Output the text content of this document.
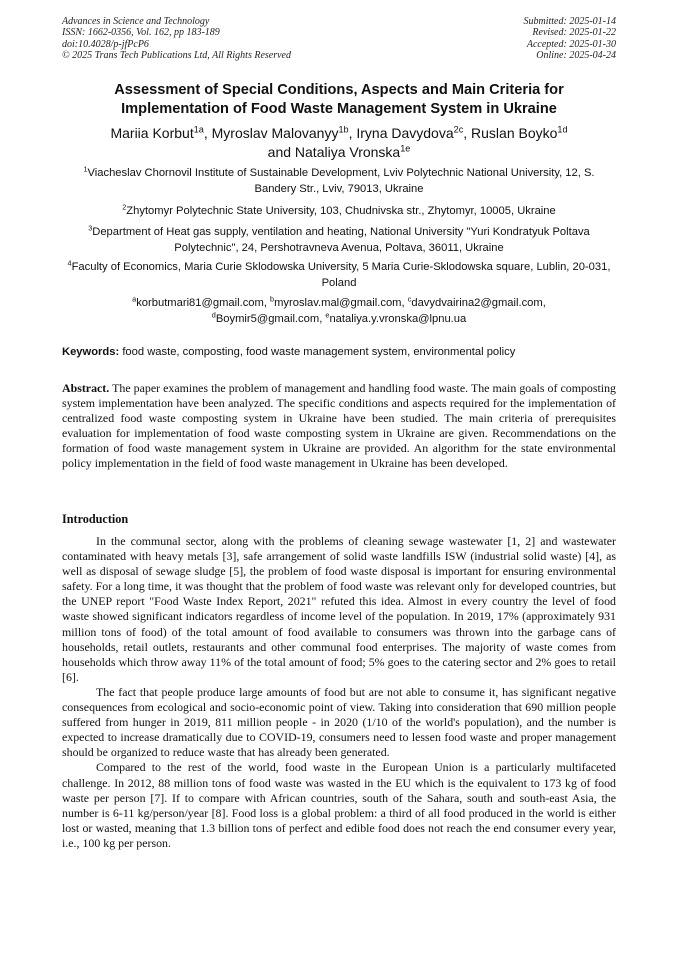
Advances in Science and Technology
ISSN: 1662-0356, Vol. 162, pp 183-189
doi:10.4028/p-jfPcP6
© 2025 Trans Tech Publications Ltd, All Rights Reserved
Submitted: 2025-01-14
Revised: 2025-01-22
Accepted: 2025-01-30
Online: 2025-04-24
Assessment of Special Conditions, Aspects and Main Criteria for Implementation of Food Waste Management System in Ukraine
Mariia Korbut$^{1a}$, Myroslav Malovanyy$^{1b}$, Iryna Davydova$^{2c}$, Ruslan Boyko$^{1d}$
and Nataliya Vronska$^{1e}$
$^1$Viacheslav Chornovil Institute of Sustainable Development, Lviv Polytechnic National University, 12, S. Bandery Str., Lviv, 79013, Ukraine
$^2$Zhytomyr Polytechnic State University, 103, Chudnivska str., Zhytomyr, 10005, Ukraine
$^3$Department of Heat gas supply, ventilation and heating, National University "Yuri Kondratyuk Poltava Polytechnic", 24, Pershotravneva Avenua, Poltava, 36011, Ukraine
$^4$Faculty of Economics, Maria Curie Sklodowska University, 5 Maria Curie-Sklodowska square, Lublin, 20-031, Poland
$^a$korbutmari81@gmail.com, $^b$myroslav.mal@gmail.com, $^c$davydvairina2@gmail.com,
$^d$Boymir5@gmail.com, $^e$nataliya.y.vronska@lpnu.ua
Keywords: food waste, composting, food waste management system, environmental policy
Abstract. The paper examines the problem of management and handling food waste. The main goals of composting system implementation have been analyzed. The specific conditions and aspects required for the implementation of centralized food waste composting system in Ukraine have been studied. The main criteria of prerequisites evaluation for implementation of food waste composting system in Ukraine are given. Recommendations on the formation of food waste management system in Ukraine are provided. An algorithm for the state environmental policy implementation in the field of food waste management in Ukraine has been developed.
Introduction

In the communal sector, along with the problems of cleaning sewage wastewater [1, 2] and wastewater contaminated with heavy metals [3], safe arrangement of solid waste landfills ISW (industrial solid waste) [4], as well as disposal of sewage sludge [5], the problem of food waste disposal is important for ensuring environmental safety. For a long time, it was thought that the problem of food waste was relevant only for developed countries, but the UNEP report "Food Waste Index Report, 2021" refuted this idea. Almost in every country the level of food waste showed significant indicators regardless of income level of the population. In 2019, 17% (approximately 931 million tons of food) of the total amount of food available to consumers was thrown into the garbage cans of households, retail outlets, restaurants and other communal food enterprises. The majority of waste comes from households which throw away 11% of the total amount of food; 5% goes to the catering sector and 2% goes to retail [6].

The fact that people produce large amounts of food but are not able to consume it, has significant negative consequences from ecological and socio-economic point of view. Taking into consideration that 690 million people suffered from hunger in 2019, 811 million people - in 2020 (1/10 of the world's population), and the number is expected to increase dramatically due to COVID-19, consumers need to lessen food waste and proper management should be organized to reduce waste that has already been generated.

Compared to the rest of the world, food waste in the European Union is a particularly multifaceted challenge. In 2012, 88 million tons of food waste was wasted in the EU which is the equivalent to 173 kg of food waste per person [7]. If to compare with African countries, south of the Sahara, south and south-east Asia, the number is 6-11 kg/person/year [8]. Food loss is a global problem: a third of all food produced in the world is either lost or wasted, meaning that 1.3 billion tons of perfect and edible food does not reach the end consumer every year, i.e., 100 kg per person.
